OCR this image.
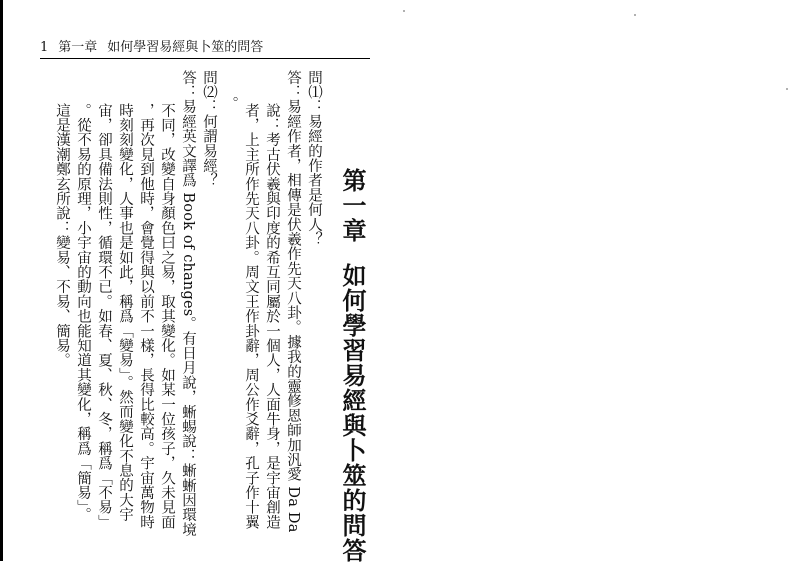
1 第一章 如何學習易經與卜筮的問答
第一章如何學習易經與卜筮的問答
問⑴：易經的作者是何人？
答：易經作者，相傳是伏羲作先天八卦。據我的靈修恩師加汎愛 Da Da
說：考古伏羲與印度的希互同屬於一個人，人面牛身，是宇宙創造
者，上主所作先天八卦。周文王作卦辭，周公作爻辭，孔子作十翼
。
問⑵：何謂易經？
答：易經英文譯爲 Book of changes。有日月說，蜥蜴說：蜥蜥因環境
不同，改變自身顏色曰之易，取其變化。如某一位孩子，久未見面
，再次見到他時，會覺得與以前不一樣，長得比較高。宇宙萬物時
時刻刻變化，人事也是如此，稱爲「變易」。然而變化不息的大宇
宙，卻具備法則性，循環不已。如春、夏、秋、冬，稱爲「不易」
。從不易的原理，小宇宙的動向也能知道其變化，稱爲「簡易」。
這是漢潮鄭玄所說：變易、不易、簡易。
